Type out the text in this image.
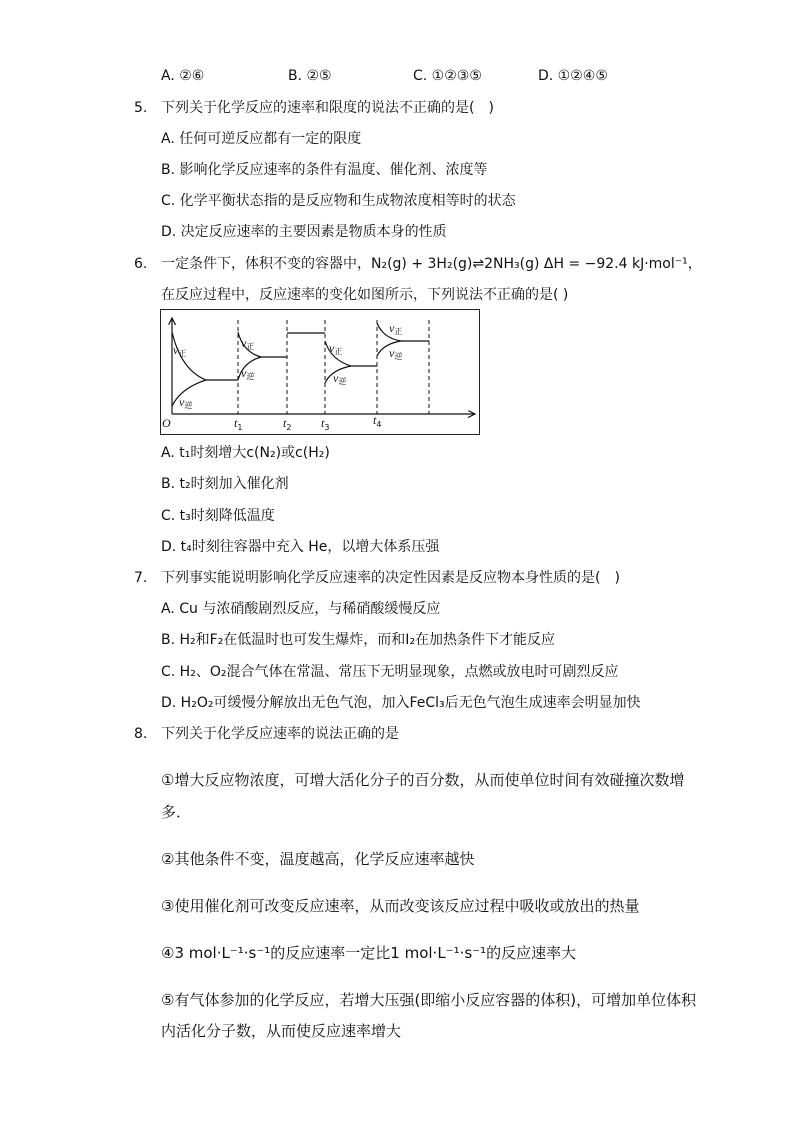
A. ②⑥	B. ②⑤	C. ①②③⑤	D. ①②④⑤
5. 下列关于化学反应的速率和限度的说法不正确的是(　)
A. 任何可逆反应都有一定的限度
B. 影响化学反应速率的条件有温度、催化剂、浓度等
C. 化学平衡状态指的是反应物和生成物浓度相等时的状态
D. 决定反应速率的主要因素是物质本身的性质
6. 一定条件下，体积不变的容器中，N₂(g) + 3H₂(g)⇌2NH₃(g) ΔH = −92.4 kJ·mol⁻¹，
在反应过程中，反应速率的变化如图所示，下列说法不正确的是( )
v正
v逆
v正
v逆
v正
v逆
v正
v逆
O	$t_1$	$t_2$ $t_3$
$t_4$
A. t₁时刻增大c(N₂)或c(H₂)
B. t₂时刻加入催化剂
C. t₃时刻降低温度
D. t₄时刻往容器中充入 He，以增大体系压强
7. 下列事实能说明影响化学反应速率的决定性因素是反应物本身性质的是(　)
A. Cu 与浓硝酸剧烈反应，与稀硝酸缓慢反应
B. H₂和F₂在低温时也可发生爆炸，而和I₂在加热条件下才能反应
C. H₂、O₂混合气体在常温、常压下无明显现象，点燃或放电时可剧烈反应
D. H₂O₂可缓慢分解放出无色气泡，加入FeCl₃后无色气泡生成速率会明显加快
8. 下列关于化学反应速率的说法正确的是
①增大反应物浓度，可增大活化分子的百分数，从而使单位时间有效碰撞次数增
多．
②其他条件不变，温度越高，化学反应速率越快
③使用催化剂可改变反应速率，从而改变该反应过程中吸收或放出的热量
④3 mol·L⁻¹·s⁻¹的反应速率一定比1 mol·L⁻¹·s⁻¹的反应速率大
⑤有气体参加的化学反应，若增大压强(即缩小反应容器的体积)，可增加单位体积
内活化分子数，从而使反应速率增大
